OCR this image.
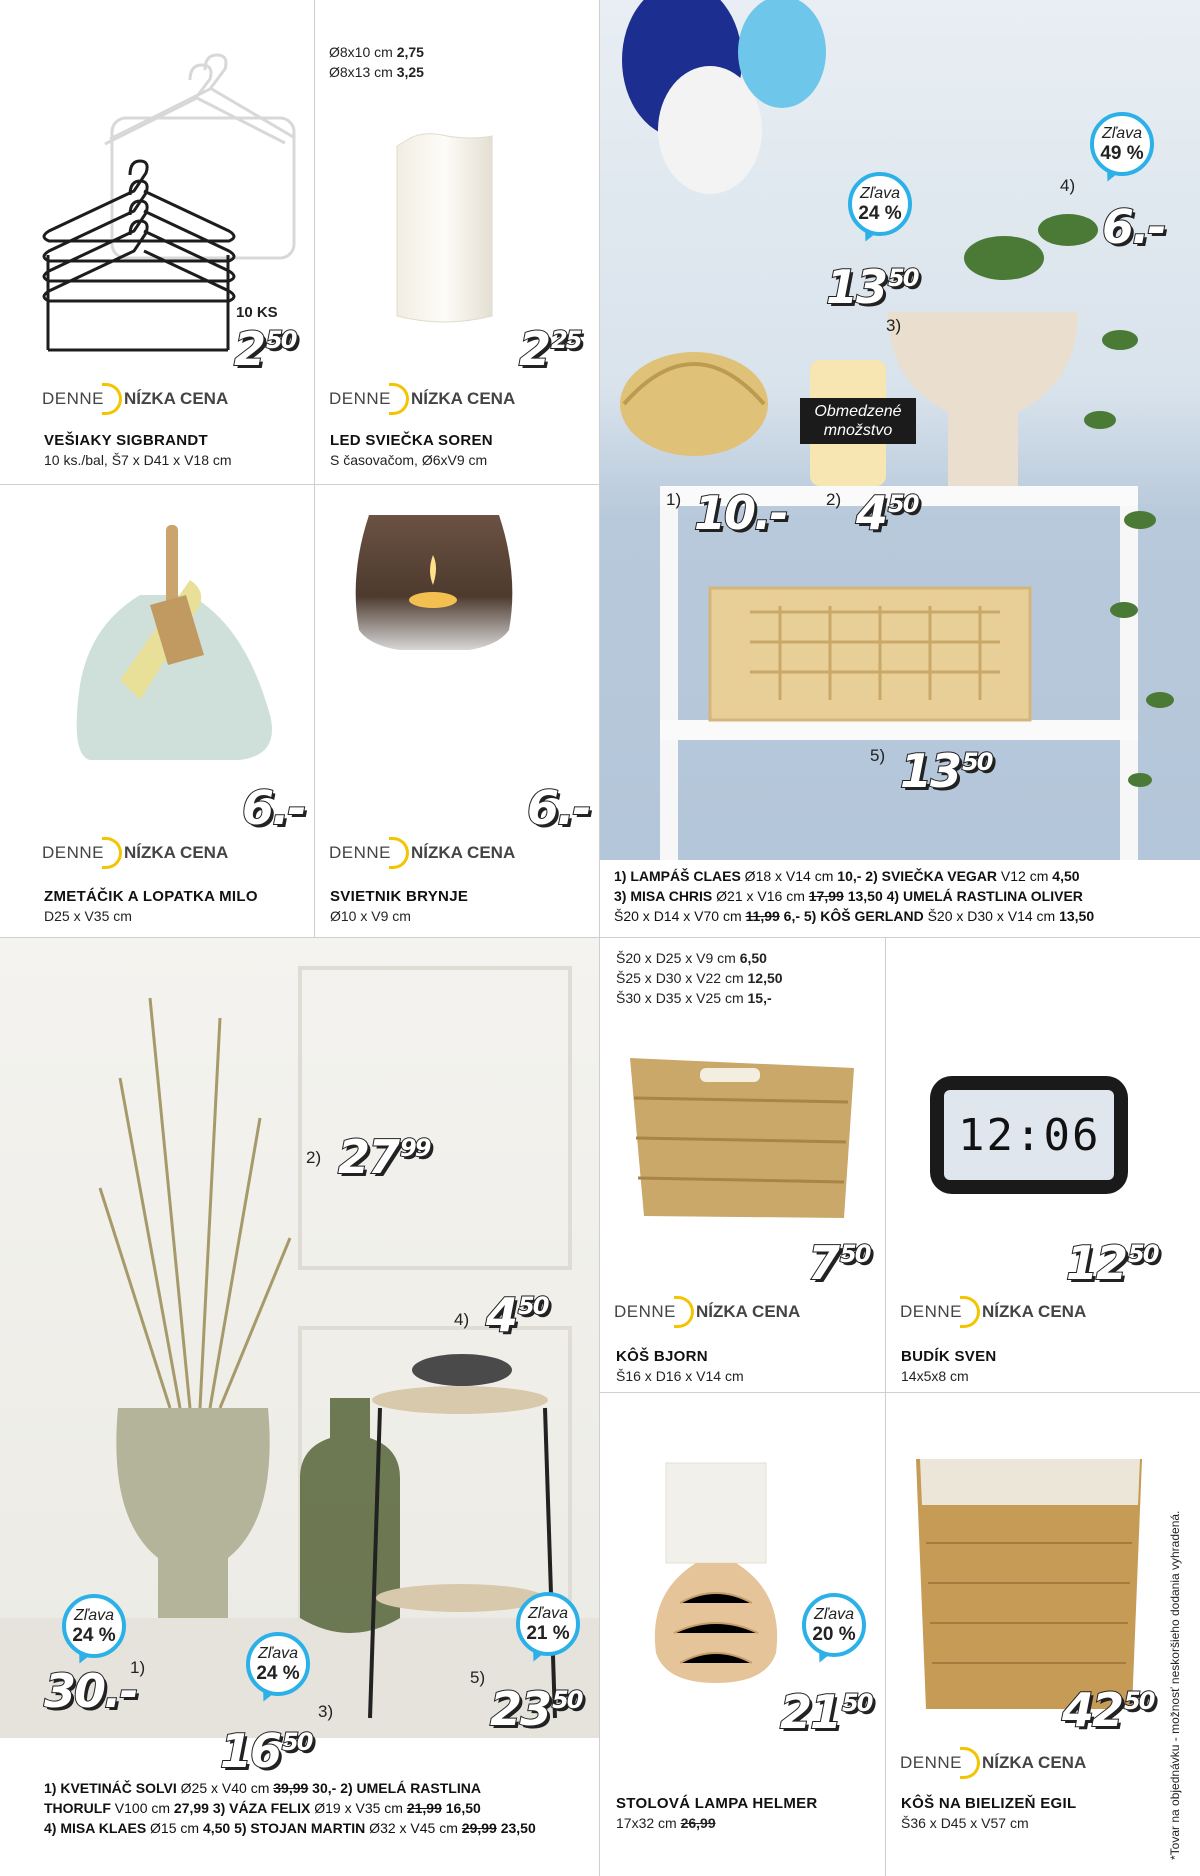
10 KS
250
DENNE NÍZKA CENA
VEŠIAKY SIGBRANDT
10 ks./bal, Š7 x D41 x V18 cm
Ø8x10 cm 2,75
Ø8x13 cm 3,25
225
DENNE NÍZKA CENA
LED SVIEČKA SOREN
S časovačom, Ø6xV9 cm
6.-
DENNE NÍZKA CENA
ZMETÁČIK A LOPATKA MILO
D25 x V35 cm
6.-
DENNE NÍZKA CENA
SVIETNIK BRYNJE
Ø10 x V9 cm
Zľava
24 %
Zľava
49 %
Obmedzené množstvo
1) 10.- 2) 450
1350
3)
4)
6.-
5) 1350
1) LAMPÁŠ CLAES Ø18 x V14 cm 10,- 2) SVIEČKA VEGAR V12 cm 4,50
3) MISA CHRIS Ø21 x V16 cm 17,99 13,50 4) UMELÁ RASTLINA OLIVER
Š20 x D14 x V70 cm 11,99 6,- 5) KÔŠ GERLAND Š20 x D30 x V14 cm 13,50
Zľava
24 %
Zľava
24 %
Zľava
21 %
1)
30.-
2) 2799
3)
1650
4) 450
5)
2350
1) KVETINÁČ SOLVI Ø25 x V40 cm 39,99 30,- 2) UMELÁ RASTLINA
THORULF V100 cm 27,99 3) VÁZA FELIX Ø19 x V35 cm 21,99 16,50
4) MISA KLAES Ø15 cm 4,50 5) STOJAN MARTIN Ø32 x V45 cm 29,99 23,50
Š20 x D25 x V9 cm 6,50
Š25 x D30 x V22 cm 12,50
Š30 x D35 x V25 cm 15,-
750
DENNE NÍZKA CENA
KÔŠ BJORN
Š16 x D16 x V14 cm
12:06
1250
DENNE NÍZKA CENA
BUDÍK SVEN
14x5x8 cm
Zľava
20 %
2150
STOLOVÁ LAMPA HELMER
17x32 cm 26,99
4250
DENNE NÍZKA CENA
KÔŠ NA BIELIZEŇ EGIL
Š36 x D45 x V57 cm	*Tovar na objednávku - možnosť neskoršieho dodania vyhradená.
